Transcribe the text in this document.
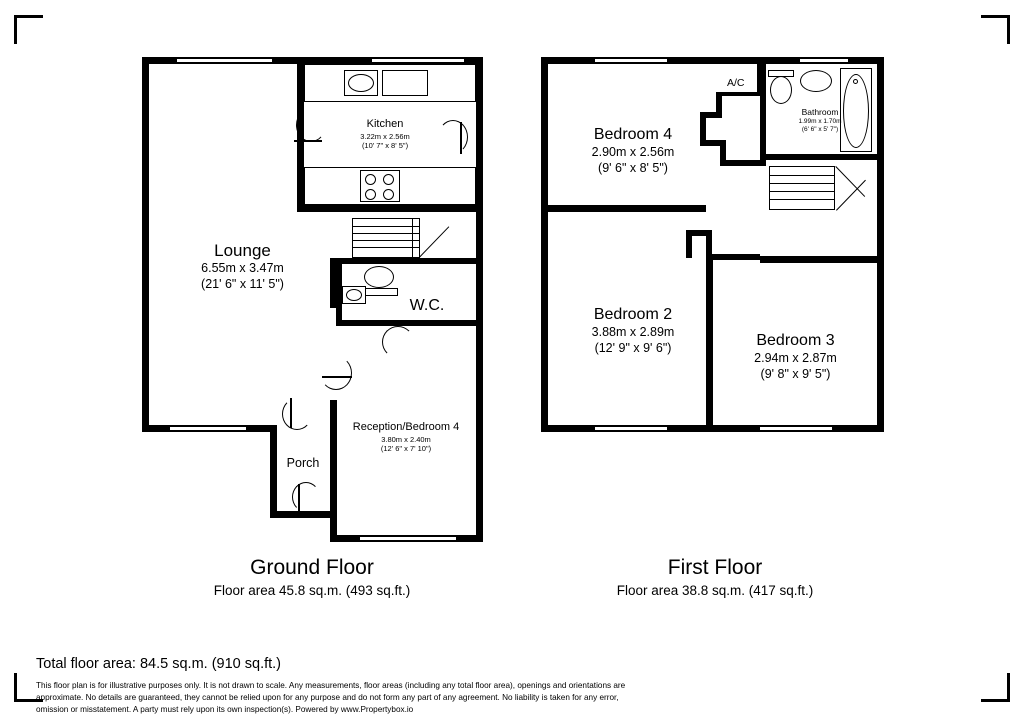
Lounge
6.55m x 3.47m
(21' 6" x 11' 5")
Kitchen
3.22m x 2.56m
(10' 7" x 8' 5")
W.C.
Reception/Bedroom 4
3.80m x 2.40m
(12' 6" x 7' 10")
Porch
Ground Floor
Floor area 45.8 sq.m. (493 sq.ft.)
A/C
Bedroom 4
2.90m x 2.56m
(9' 6" x 8' 5")
Bedroom 2
3.88m x 2.89m
(12' 9" x 9' 6")	Bedroom 3
2.94m x 2.87m
(9' 8" x 9' 5")
Bathroom
1.99m x 1.70m
(6' 6" x 5' 7")
First Floor
Floor area 38.8 sq.m. (417 sq.ft.)
Total floor area: 84.5 sq.m. (910 sq.ft.)
This floor plan is for illustrative purposes only. It is not drawn to scale. Any measurements, floor areas (including any total floor area), openings and orientations are
approximate. No details are guaranteed, they cannot be relied upon for any purpose and do not form any part of any agreement. No liability is taken for any error,
omission or misstatement. A party must rely upon its own inspection(s). Powered by www.Propertybox.io
